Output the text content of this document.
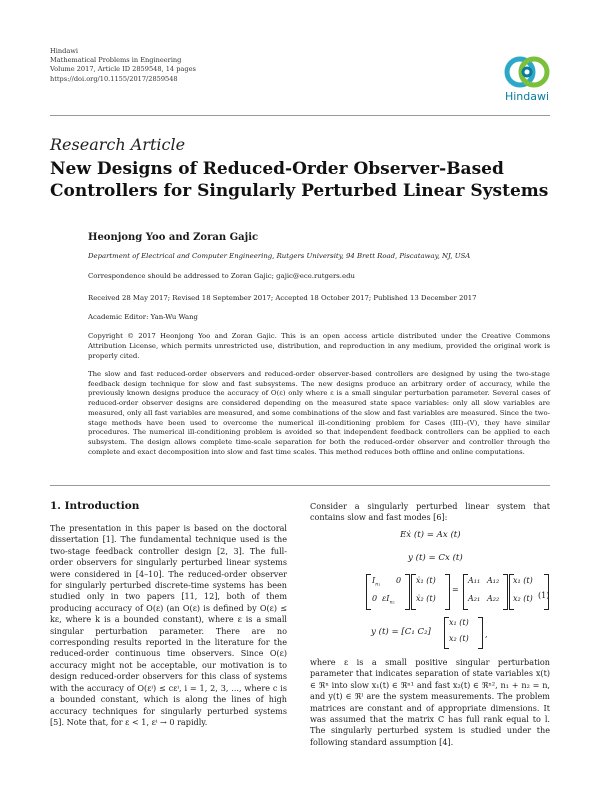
Hindawi
Mathematical Problems in Engineering
Volume 2017, Article ID 2859548, 14 pages
https://doi.org/10.1155/2017/2859548
Hindawi
Research Article
New Designs of Reduced-Order Observer-Based Controllers for Singularly Perturbed Linear Systems
Heonjong Yoo and Zoran Gajic
Department of Electrical and Computer Engineering, Rutgers University, 94 Brett Road, Piscataway, NJ, USA
Correspondence should be addressed to Zoran Gajic; gajic@ece.rutgers.edu
Received 28 May 2017; Revised 18 September 2017; Accepted 18 October 2017; Published 13 December 2017
Academic Editor: Yan-Wu Wang
Copyright © 2017 Heonjong Yoo and Zoran Gajic. This is an open access article distributed under the Creative Commons Attribution License, which permits unrestricted use, distribution, and reproduction in any medium, provided the original work is properly cited.
The slow and fast reduced-order observers and reduced-order observer-based controllers are designed by using the two-stage feedback design technique for slow and fast subsystems. The new designs produce an arbitrary order of accuracy, while the previously known designs produce the accuracy of O(ε) only where ε is a small singular perturbation parameter. Several cases of reduced-order observer designs are considered depending on the measured state space variables: only all slow variables are measured, only all fast variables are measured, and some combinations of the slow and fast variables are measured. Since the two-stage methods have been used to overcome the numerical ill-conditioning problem for Cases (III)–(V), they have similar procedures. The numerical ill-conditioning problem is avoided so that independent feedback controllers can be applied to each subsystem. The design allows complete time-scale separation for both the reduced-order observer and controller through the complete and exact decomposition into slow and fast time scales. This method reduces both offline and online computations.
1. Introduction
The presentation in this paper is based on the doctoral dissertation [1]. The fundamental technique used is the two-stage feedback controller design [2, 3]. The full-order observers for singularly perturbed linear systems were considered in [4–10]. The reduced-order observer for singularly perturbed discrete-time systems has been studied only in two papers [11, 12], both of them producing accuracy of O(ε) (an O(ε) is defined by O(ε) ≤ kε, where k is a bounded constant), where ε is a small singular perturbation parameter. There are no corresponding results reported in the literature for the reduced-order continuous time observers. Since O(ε) accuracy might not be acceptable, our motivation is to design reduced-order observers for this class of systems with the accuracy of O(εⁱ) ≤ cεⁱ, i = 1, 2, 3, ..., where c is a bounded constant, which is along the lines of high accuracy techniques for singularly perturbed systems [5]. Note that, for ε < 1, εⁱ → 0 rapidly.
Consider a singularly perturbed linear system that contains slow and fast modes [6]:
Eẋ (t) = Ax (t)
y (t) = Cx (t)
$I_{n_1}$ 0
0 $\varepsilon I_{n_2}$
ẋ₁ (t)
ẋ₂ (t)
=
A₁₁ A₁₂
A₂₁ A₂₂
x₁ (t)
x₂ (t) (1)
y (t) = [C₁ C₂]
x₁ (t)
x₂ (t) ,
where ε is a small positive singular perturbation parameter that indicates separation of state variables x(t) ∈ ℜⁿ into slow x₁(t) ∈ ℜⁿ¹ and fast x₂(t) ∈ ℜⁿ², n₁ + n₂ = n, and y(t) ∈ ℜˡ are the system measurements. The problem matrices are constant and of appropriate dimensions. It was assumed that the matrix C has full rank equal to l. The singularly perturbed system is studied under the following standard assumption [4].
